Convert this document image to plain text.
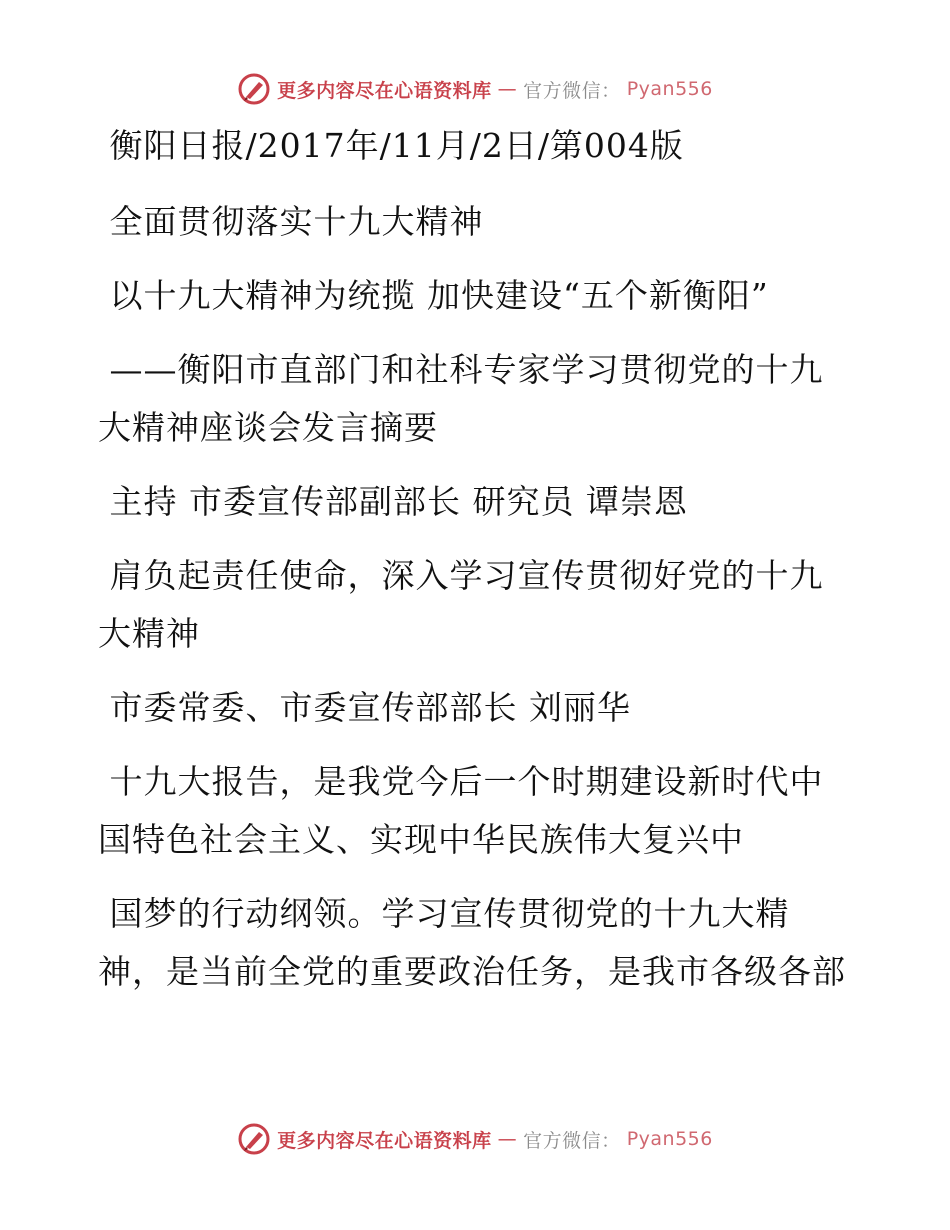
更多内容尽在心语资料库 — 官方微信： Pyan556
衡阳日报/2017年/11月/2日/第004版
全面贯彻落实十九大精神
以十九大精神为统揽 加快建设“五个新衡阳”
——衡阳市直部门和社科专家学习贯彻党的十九
大精神座谈会发言摘要
主持 市委宣传部副部长 研究员 谭崇恩
肩负起责任使命，深入学习宣传贯彻好党的十九
大精神
市委常委、市委宣传部部长 刘丽华
十九大报告，是我党今后一个时期建设新时代中
国特色社会主义、实现中华民族伟大复兴中
国梦的行动纲领。学习宣传贯彻党的十九大精
神，是当前全党的重要政治任务，是我市各级各部
更多内容尽在心语资料库 — 官方微信： Pyan556
